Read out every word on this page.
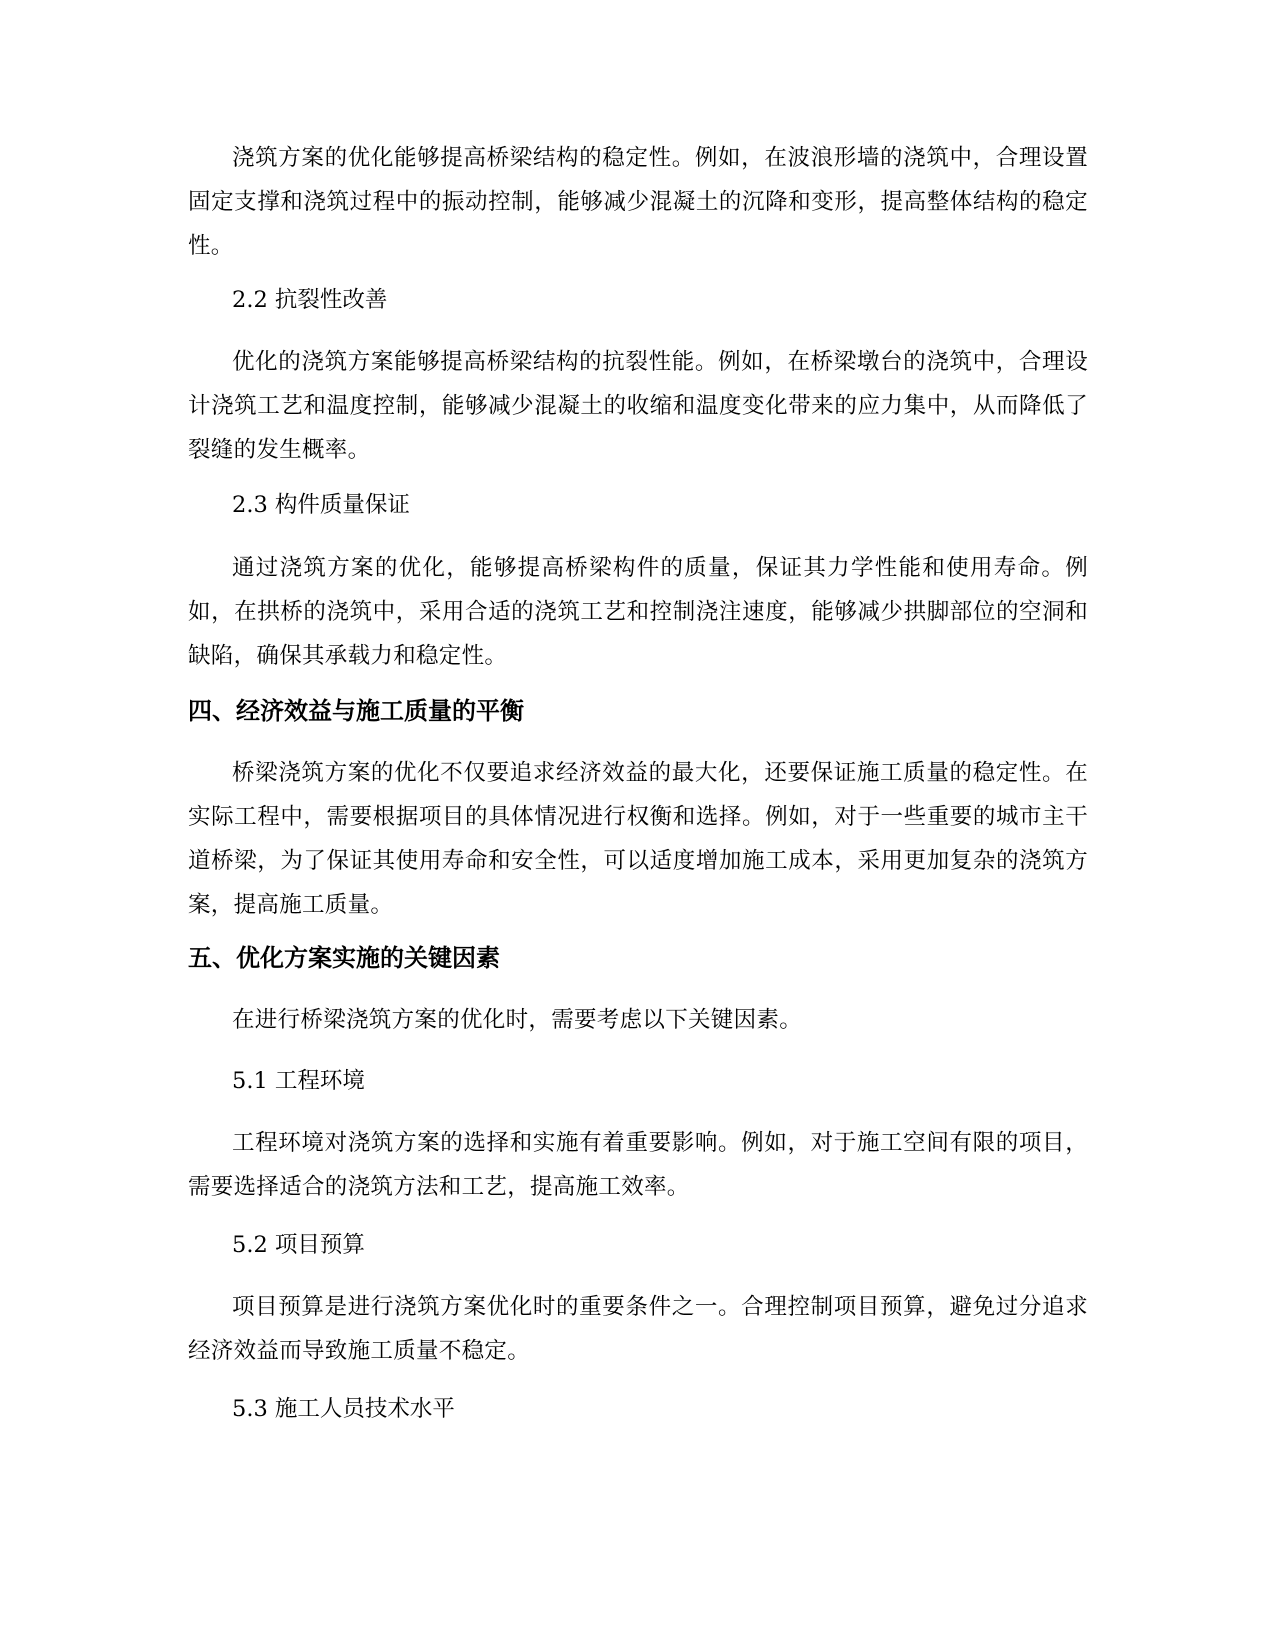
浇筑方案的优化能够提高桥梁结构的稳定性。例如，在波浪形墙的浇筑中，合理设置固定支撑和浇筑过程中的振动控制，能够减少混凝土的沉降和变形，提高整体结构的稳定性。

2.2 抗裂性改善

优化的浇筑方案能够提高桥梁结构的抗裂性能。例如，在桥梁墩台的浇筑中，合理设计浇筑工艺和温度控制，能够减少混凝土的收缩和温度变化带来的应力集中，从而降低了裂缝的发生概率。

2.3 构件质量保证

通过浇筑方案的优化，能够提高桥梁构件的质量，保证其力学性能和使用寿命。例如，在拱桥的浇筑中，采用合适的浇筑工艺和控制浇注速度，能够减少拱脚部位的空洞和缺陷，确保其承载力和稳定性。

四、经济效益与施工质量的平衡

桥梁浇筑方案的优化不仅要追求经济效益的最大化，还要保证施工质量的稳定性。在实际工程中，需要根据项目的具体情况进行权衡和选择。例如，对于一些重要的城市主干道桥梁，为了保证其使用寿命和安全性，可以适度增加施工成本，采用更加复杂的浇筑方案，提高施工质量。

五、优化方案实施的关键因素

在进行桥梁浇筑方案的优化时，需要考虑以下关键因素。

5.1 工程环境

工程环境对浇筑方案的选择和实施有着重要影响。例如，对于施工空间有限的项目，需要选择适合的浇筑方法和工艺，提高施工效率。

5.2 项目预算

项目预算是进行浇筑方案优化时的重要条件之一。合理控制项目预算，避免过分追求经济效益而导致施工质量不稳定。

5.3 施工人员技术水平
